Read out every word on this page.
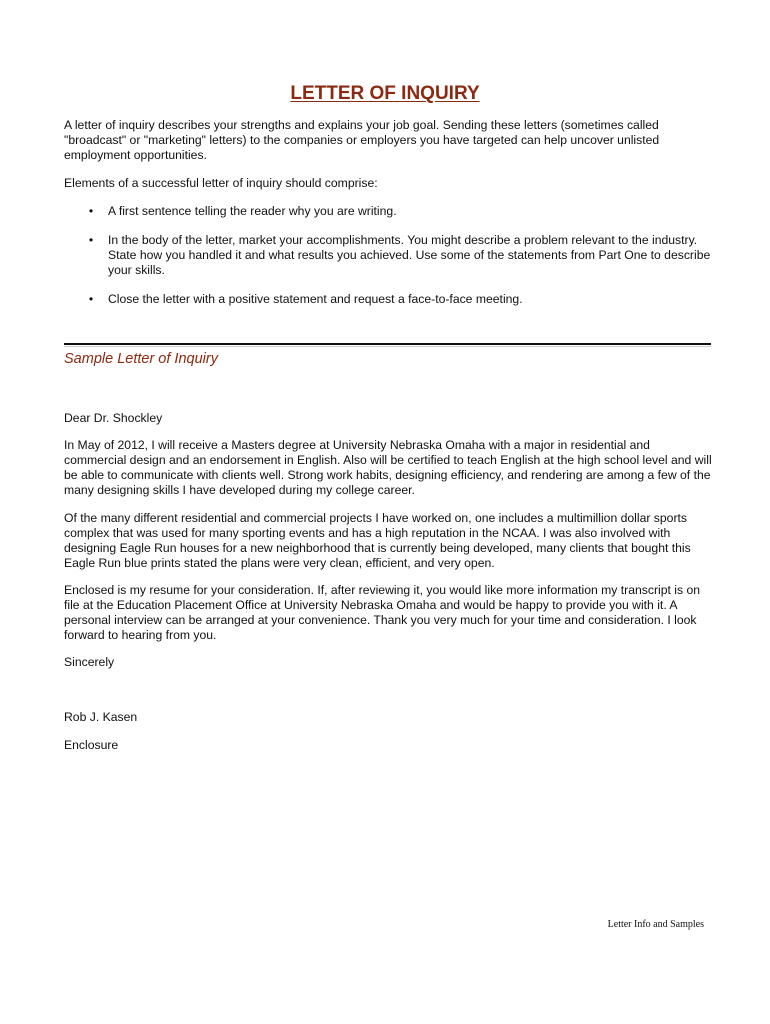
LETTER OF INQUIRY

A letter of inquiry describes your strengths and explains your job goal. Sending these letters (sometimes called "broadcast" or "marketing" letters) to the companies or employers you have targeted can help uncover unlisted employment opportunities.

Elements of a successful letter of inquiry should comprise:

• A first sentence telling the reader why you are writing.
• In the body of the letter, market your accomplishments. You might describe a problem relevant to the industry. State how you handled it and what results you achieved. Use some of the statements from Part One to describe your skills.
• Close the letter with a positive statement and request a face-to-face meeting.
Sample Letter of Inquiry

Dear Dr. Shockley

In May of 2012, I will receive a Masters degree at University Nebraska Omaha with a major in residential and commercial design and an endorsement in English. Also will be certified to teach English at the high school level and will be able to communicate with clients well. Strong work habits, designing efficiency, and rendering are among a few of the many designing skills I have developed during my college career.

Of the many different residential and commercial projects I have worked on, one includes a multimillion dollar sports complex that was used for many sporting events and has a high reputation in the NCAA. I was also involved with designing Eagle Run houses for a new neighborhood that is currently being developed, many clients that bought this Eagle Run blue prints stated the plans were very clean, efficient, and very open.

Enclosed is my resume for your consideration. If, after reviewing it, you would like more information my transcript is on file at the Education Placement Office at University Nebraska Omaha and would be happy to provide you with it. A personal interview can be arranged at your convenience. Thank you very much for your time and consideration. I look forward to hearing from you.

Sincerely

Rob J. Kasen

Enclosure

Letter Info and Samples
